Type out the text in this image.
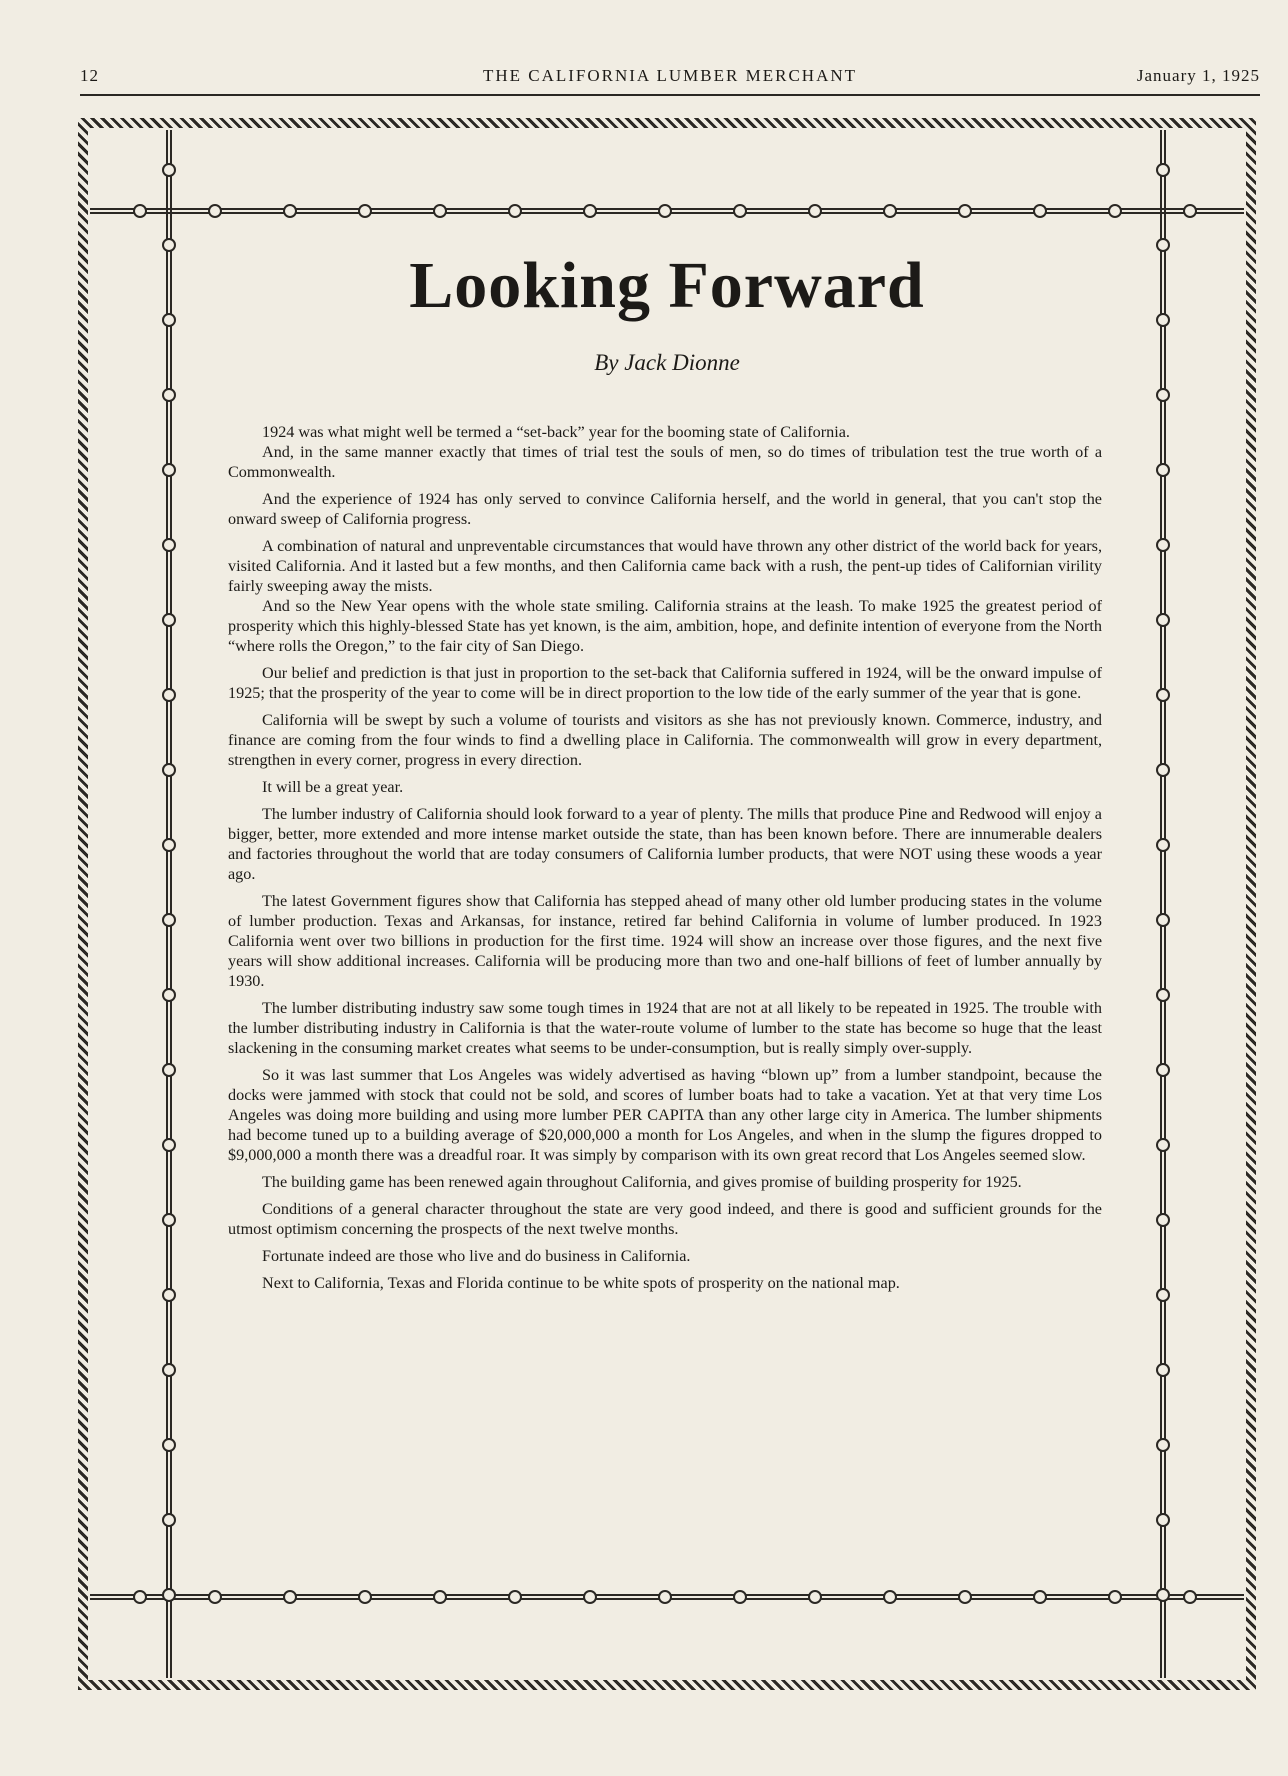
12	THE CALIFORNIA LUMBER MERCHANT	January 1, 1925
Looking Forward
By Jack Dionne

1924 was what might well be termed a “set-back” year for the booming state of California.

And, in the same manner exactly that times of trial test the souls of men, so do times of tribulation test the true worth of a Commonwealth.

And the experience of 1924 has only served to convince California herself, and the world in general, that you can't stop the onward sweep of California progress.

A combination of natural and unpreventable circumstances that would have thrown any other district of the world back for years, visited California. And it lasted but a few months, and then California came back with a rush, the pent-up tides of Californian virility fairly sweeping away the mists.

And so the New Year opens with the whole state smiling. California strains at the leash. To make 1925 the greatest period of prosperity which this highly-blessed State has yet known, is the aim, ambition, hope, and definite intention of everyone from the North “where rolls the Oregon,” to the fair city of San Diego.

Our belief and prediction is that just in proportion to the set-back that California suffered in 1924, will be the onward impulse of 1925; that the prosperity of the year to come will be in direct proportion to the low tide of the early summer of the year that is gone.

California will be swept by such a volume of tourists and visitors as she has not previously known. Commerce, industry, and finance are coming from the four winds to find a dwelling place in California. The commonwealth will grow in every department, strengthen in every corner, progress in every direction.

It will be a great year.

The lumber industry of California should look forward to a year of plenty. The mills that produce Pine and Redwood will enjoy a bigger, better, more extended and more intense market outside the state, than has been known before. There are innumerable dealers and factories throughout the world that are today consumers of California lumber products, that were NOT using these woods a year ago.

The latest Government figures show that California has stepped ahead of many other old lumber producing states in the volume of lumber production. Texas and Arkansas, for instance, retired far behind California in volume of lumber produced. In 1923 California went over two billions in production for the first time. 1924 will show an increase over those figures, and the next five years will show additional increases. California will be producing more than two and one-half billions of feet of lumber annually by 1930.

The lumber distributing industry saw some tough times in 1924 that are not at all likely to be repeated in 1925. The trouble with the lumber distributing industry in California is that the water-route volume of lumber to the state has become so huge that the least slackening in the consuming market creates what seems to be under-consumption, but is really simply over-supply.

So it was last summer that Los Angeles was widely advertised as having “blown up” from a lumber standpoint, because the docks were jammed with stock that could not be sold, and scores of lumber boats had to take a vacation. Yet at that very time Los Angeles was doing more building and using more lumber PER CAPITA than any other large city in America. The lumber shipments had become tuned up to a building average of $20,000,000 a month for Los Angeles, and when in the slump the figures dropped to $9,000,000 a month there was a dreadful roar. It was simply by comparison with its own great record that Los Angeles seemed slow.

The building game has been renewed again throughout California, and gives promise of building prosperity for 1925.

Conditions of a general character throughout the state are very good indeed, and there is good and sufficient grounds for the utmost optimism concerning the prospects of the next twelve months.

Fortunate indeed are those who live and do business in California.

Next to California, Texas and Florida continue to be white spots of prosperity on the national map.
